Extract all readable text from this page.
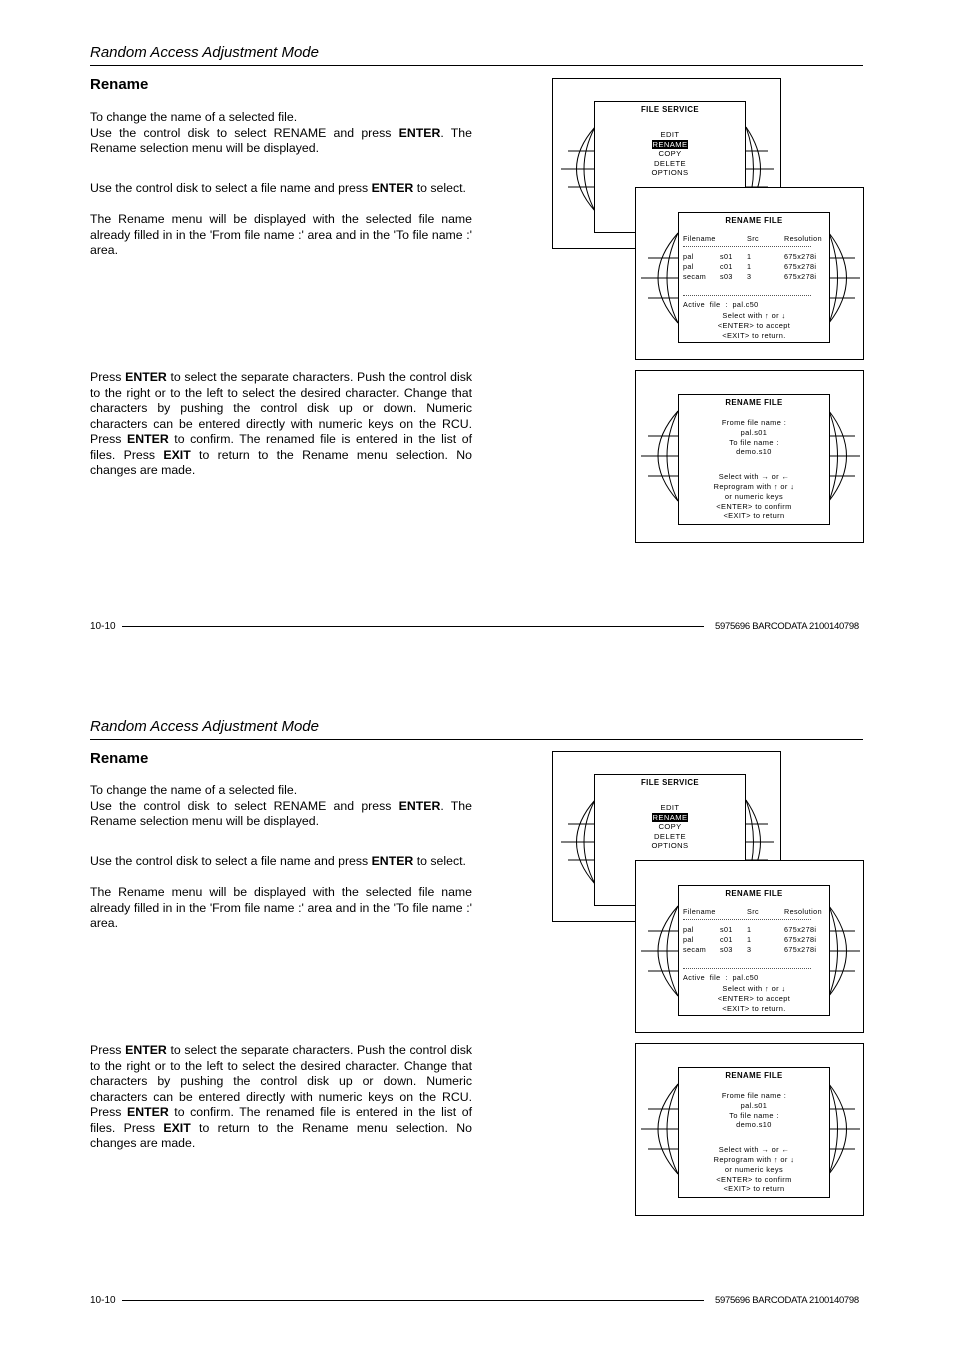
Random Access Adjustment Mode
Rename
To change the name of a selected file.
Use the control disk to select RENAME and press ENTER. The Rename selection menu will be displayed.
Use the control disk to select a file name and press ENTER to select.
The Rename menu will be displayed with the selected file name already filled in in the 'From file name :' area and in the 'To file name :' area.
Press ENTER to select the separate characters. Push the control disk to the right or to the left to select the desired character. Change that characters by pushing the control disk up or down. Numeric characters can be entered directly with numeric keys on the RCU. Press ENTER to confirm. The renamed file is entered in the list of files. Press EXIT to return to the Rename menu selection. No changes are made.
FILE SERVICE
EDIT
RENAME
COPY
DELETE
OPTIONS
RENAME FILE
Filename	Src	Resolution
pal	s01 1	675x278i
pal	c01 1	675x278i
secam s03 3	675x278i
Active  file  :  pal.c50
Select with ↑ or ↓
<ENTER> to accept
<EXIT> to return.
RENAME FILE
Frome file name :
pal.s01
To file name :
demo.s10
Select with → or ←
Reprogram with ↑ or ↓
or numeric keys
<ENTER> to confirm
<EXIT> to return
10-10	5975696 BARCODATA 2100140798
Random Access Adjustment Mode
Rename
To change the name of a selected file.
Use the control disk to select RENAME and press ENTER. The Rename selection menu will be displayed.
Use the control disk to select a file name and press ENTER to select.
The Rename menu will be displayed with the selected file name already filled in in the 'From file name :' area and in the 'To file name :' area.
Press ENTER to select the separate characters. Push the control disk to the right or to the left to select the desired character. Change that characters by pushing the control disk up or down. Numeric characters can be entered directly with numeric keys on the RCU. Press ENTER to confirm. The renamed file is entered in the list of files. Press EXIT to return to the Rename menu selection. No changes are made.
FILE SERVICE
EDIT
RENAME
COPY
DELETE
OPTIONS
RENAME FILE
Filename	Src	Resolution
pal	s01 1	675x278i
pal	c01 1	675x278i
secam s03 3	675x278i
Active  file  :  pal.c50
Select with ↑ or ↓
<ENTER> to accept
<EXIT> to return.
RENAME FILE
Frome file name :
pal.s01
To file name :
demo.s10
Select with → or ←
Reprogram with ↑ or ↓
or numeric keys
<ENTER> to confirm
<EXIT> to return
10-10	5975696 BARCODATA 2100140798
